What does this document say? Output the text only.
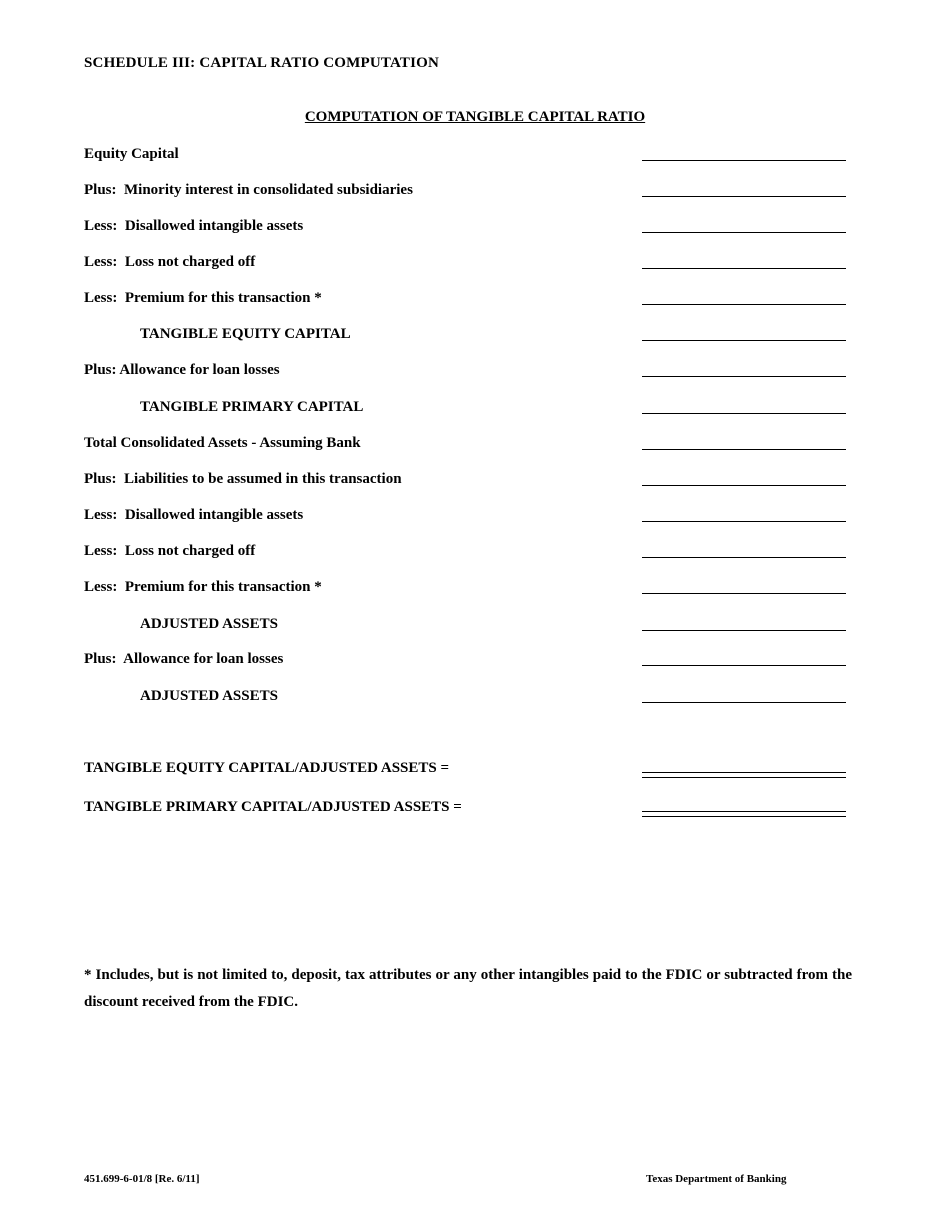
SCHEDULE III: CAPITAL RATIO COMPUTATION
COMPUTATION OF TANGIBLE CAPITAL RATIO
Equity Capital
Plus:  Minority interest in consolidated subsidiaries
Less:  Disallowed intangible assets
Less:  Loss not charged off
Less:  Premium for this transaction *
TANGIBLE EQUITY CAPITAL
Plus: Allowance for loan losses
TANGIBLE PRIMARY CAPITAL
Total Consolidated Assets - Assuming Bank
Plus:  Liabilities to be assumed in this transaction
Less:  Disallowed intangible assets
Less:  Loss not charged off
Less:  Premium for this transaction *
ADJUSTED ASSETS
Plus:  Allowance for loan losses
ADJUSTED ASSETS
TANGIBLE EQUITY CAPITAL/ADJUSTED ASSETS =
TANGIBLE PRIMARY CAPITAL/ADJUSTED ASSETS =
* Includes, but is not limited to, deposit, tax attributes or any other intangibles paid to the FDIC or subtracted from the discount received from the FDIC.
451.699-6-01/8 [Re. 6/11]	Texas Department of Banking
